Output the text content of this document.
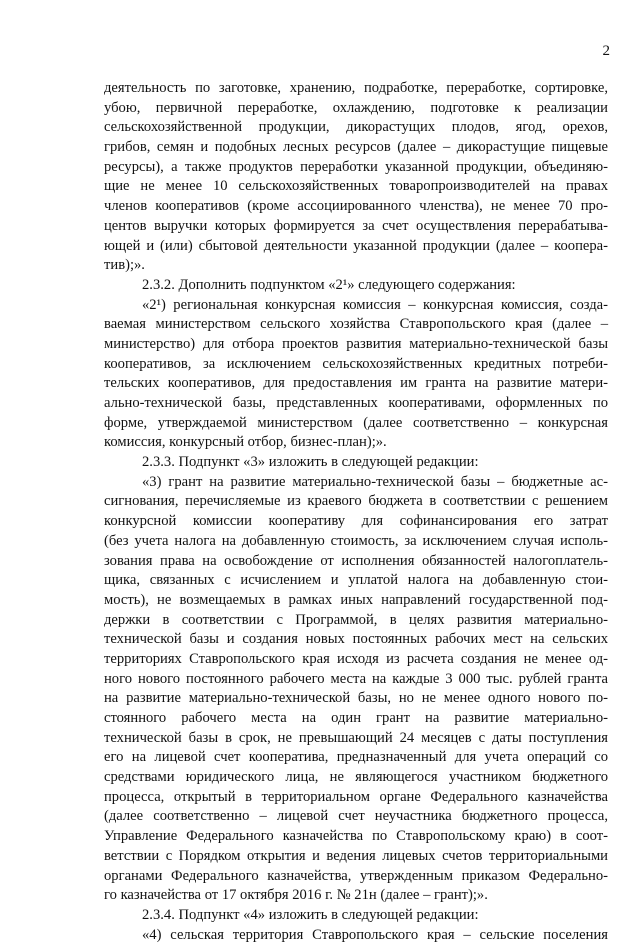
2
деятельность по заготовке, хранению, подработке, переработке, сортировке,
убою, первичной переработке, охлаждению, подготовке к реализации
сельскохозяйственной продукции, дикорастущих плодов, ягод, орехов,
грибов, семян и подобных лесных ресурсов (далее – дикорастущие пищевые
ресурсы), а также продуктов переработки указанной продукции, объединяю-
щие не менее 10 сельскохозяйственных товаропроизводителей на правах
членов кооперативов (кроме ассоциированного членства), не менее 70 про-
центов выручки которых формируется за счет осуществления перерабатыва-
ющей и (или) сбытовой деятельности указанной продукции (далее – коопера-
тив);».
2.3.2. Дополнить подпунктом «2¹» следующего содержания:
«2¹) региональная конкурсная комиссия – конкурсная комиссия, созда-
ваемая министерством сельского хозяйства Ставропольского края (далее –
министерство) для отбора проектов развития материально-технической базы
кооперативов, за исключением сельскохозяйственных кредитных потреби-
тельских кооперативов, для предоставления им гранта на развитие матери-
ально-технической базы, представленных кооперативами, оформленных по
форме, утверждаемой министерством (далее соответственно – конкурсная
комиссия, конкурсный отбор, бизнес-план);».
2.3.3. Подпункт «3» изложить в следующей редакции:
«3) грант на развитие материально-технической базы – бюджетные ас-
сигнования, перечисляемые из краевого бюджета в соответствии с решением
конкурсной комиссии кооперативу для софинансирования его затрат
(без учета налога на добавленную стоимость, за исключением случая исполь-
зования права на освобождение от исполнения обязанностей налогоплатель-
щика, связанных с исчислением и уплатой налога на добавленную стои-
мость), не возмещаемых в рамках иных направлений государственной под-
держки в соответствии с Программой, в целях развития материально-
технической базы и создания новых постоянных рабочих мест на сельских
территориях Ставропольского края исходя из расчета создания не менее од-
ного нового постоянного рабочего места на каждые 3 000 тыс. рублей гранта
на развитие материально-технической базы, но не менее одного нового по-
стоянного рабочего места на один грант на развитие материально-
технической базы в срок, не превышающий 24 месяцев с даты поступления
его на лицевой счет кооператива, предназначенный для учета операций со
средствами юридического лица, не являющегося участником бюджетного
процесса, открытый в территориальном органе Федерального казначейства
(далее соответственно – лицевой счет неучастника бюджетного процесса,
Управление Федерального казначейства по Ставропольскому краю) в соот-
ветствии с Порядком открытия и ведения лицевых счетов территориальными
органами Федерального казначейства, утвержденным приказом Федерально-
го казначейства от 17 октября 2016 г. № 21н (далее – грант);».
2.3.4. Подпункт «4» изложить в следующей редакции:
«4) сельская территория Ставропольского края – сельские поселения
